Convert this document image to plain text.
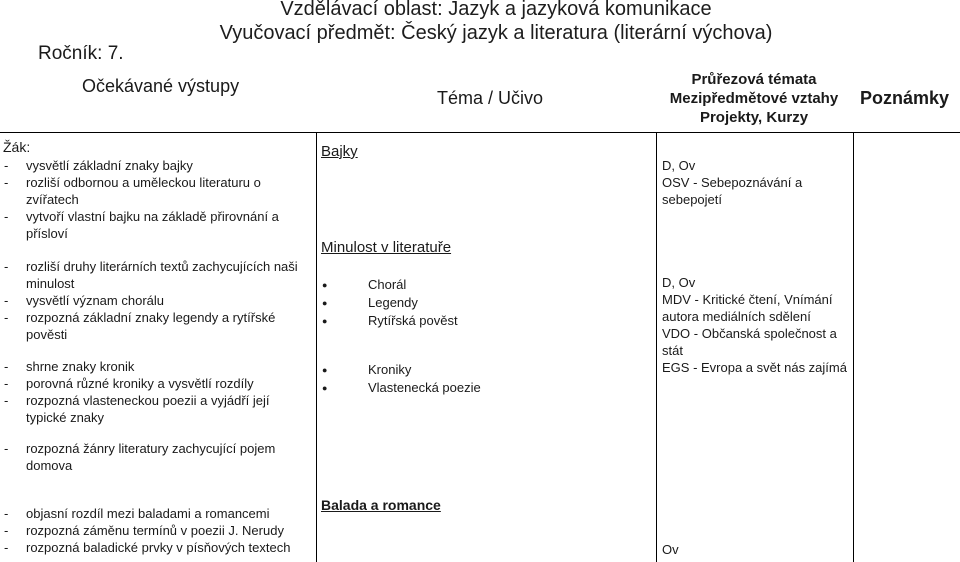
Vzdělávací oblast: Jazyk a jazyková komunikace
Vyučovací předmět: Český jazyk a literatura (literární výchova)
Ročník: 7.
Očekávané výstupy
Téma / Učivo
Průřezová témata
Mezipředmětové vztahy
Projekty, Kurzy
Poznámky
Žák:
- vysvětlí základní znaky bajky
- rozliší odbornou a uměleckou literaturu o zvířatech
- vytvoří vlastní bajku na základě přirovnání a přísloví
- rozliší druhy literárních textů zachycujících naši minulost
- vysvětlí význam chorálu
- rozpozná základní znaky legendy a rytířské pověsti
- shrne znaky kronik
- porovná různé kroniky a vysvětlí rozdíly
- rozpozná vlasteneckou poezii a vyjádří její typické znaky
- rozpozná žánry literatury zachycující pojem domova
- objasní rozdíl mezi baladami a romancemi
- rozpozná záměnu termínů v poezii J. Nerudy
- rozpozná baladické prvky v písňových textech
Bajky
Minulost v literatuře
● Chorál
● Legendy
● Rytířská pověst
● Kroniky
● Vlastenecká poezie
Balada a romance
D, Ov
OSV - Sebepoznávání a sebepojetí
D, Ov
MDV - Kritické čtení, Vnímání autora mediálních sdělení
VDO - Občanská společnost a stát
EGS - Evropa a svět nás zajímá
Ov
